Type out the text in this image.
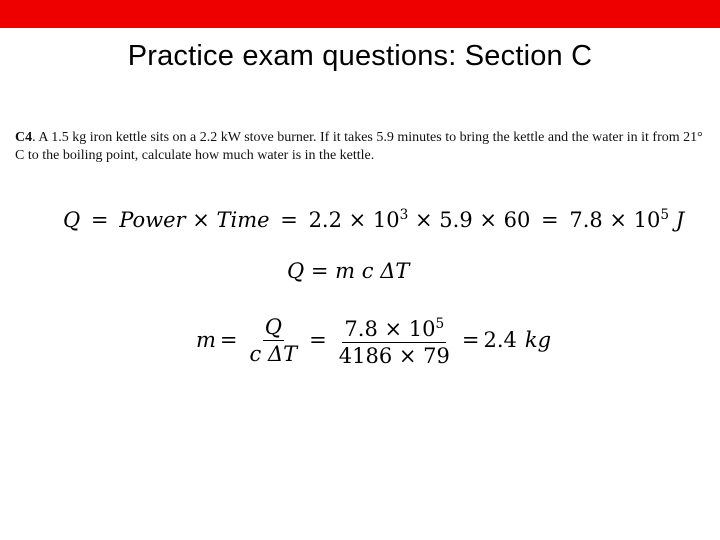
Practice exam questions: Section C
C4. A 1.5 kg iron kettle sits on a 2.2 kW stove burner. If it takes 5.9 minutes to bring the kettle and the water in it from 21° C to the boiling point, calculate how much water is in the kettle.
Q = Power × Time = $2.2 \times 10^3 \times 5.9 \times 60 = 7.8 \times 10^5$ J
Q = m c ΔT
$m = \frac{Q}{\text{c ΔT}} = \frac{7.8 \times 10^5}{4186 \times 79} = 2.4$ kg
